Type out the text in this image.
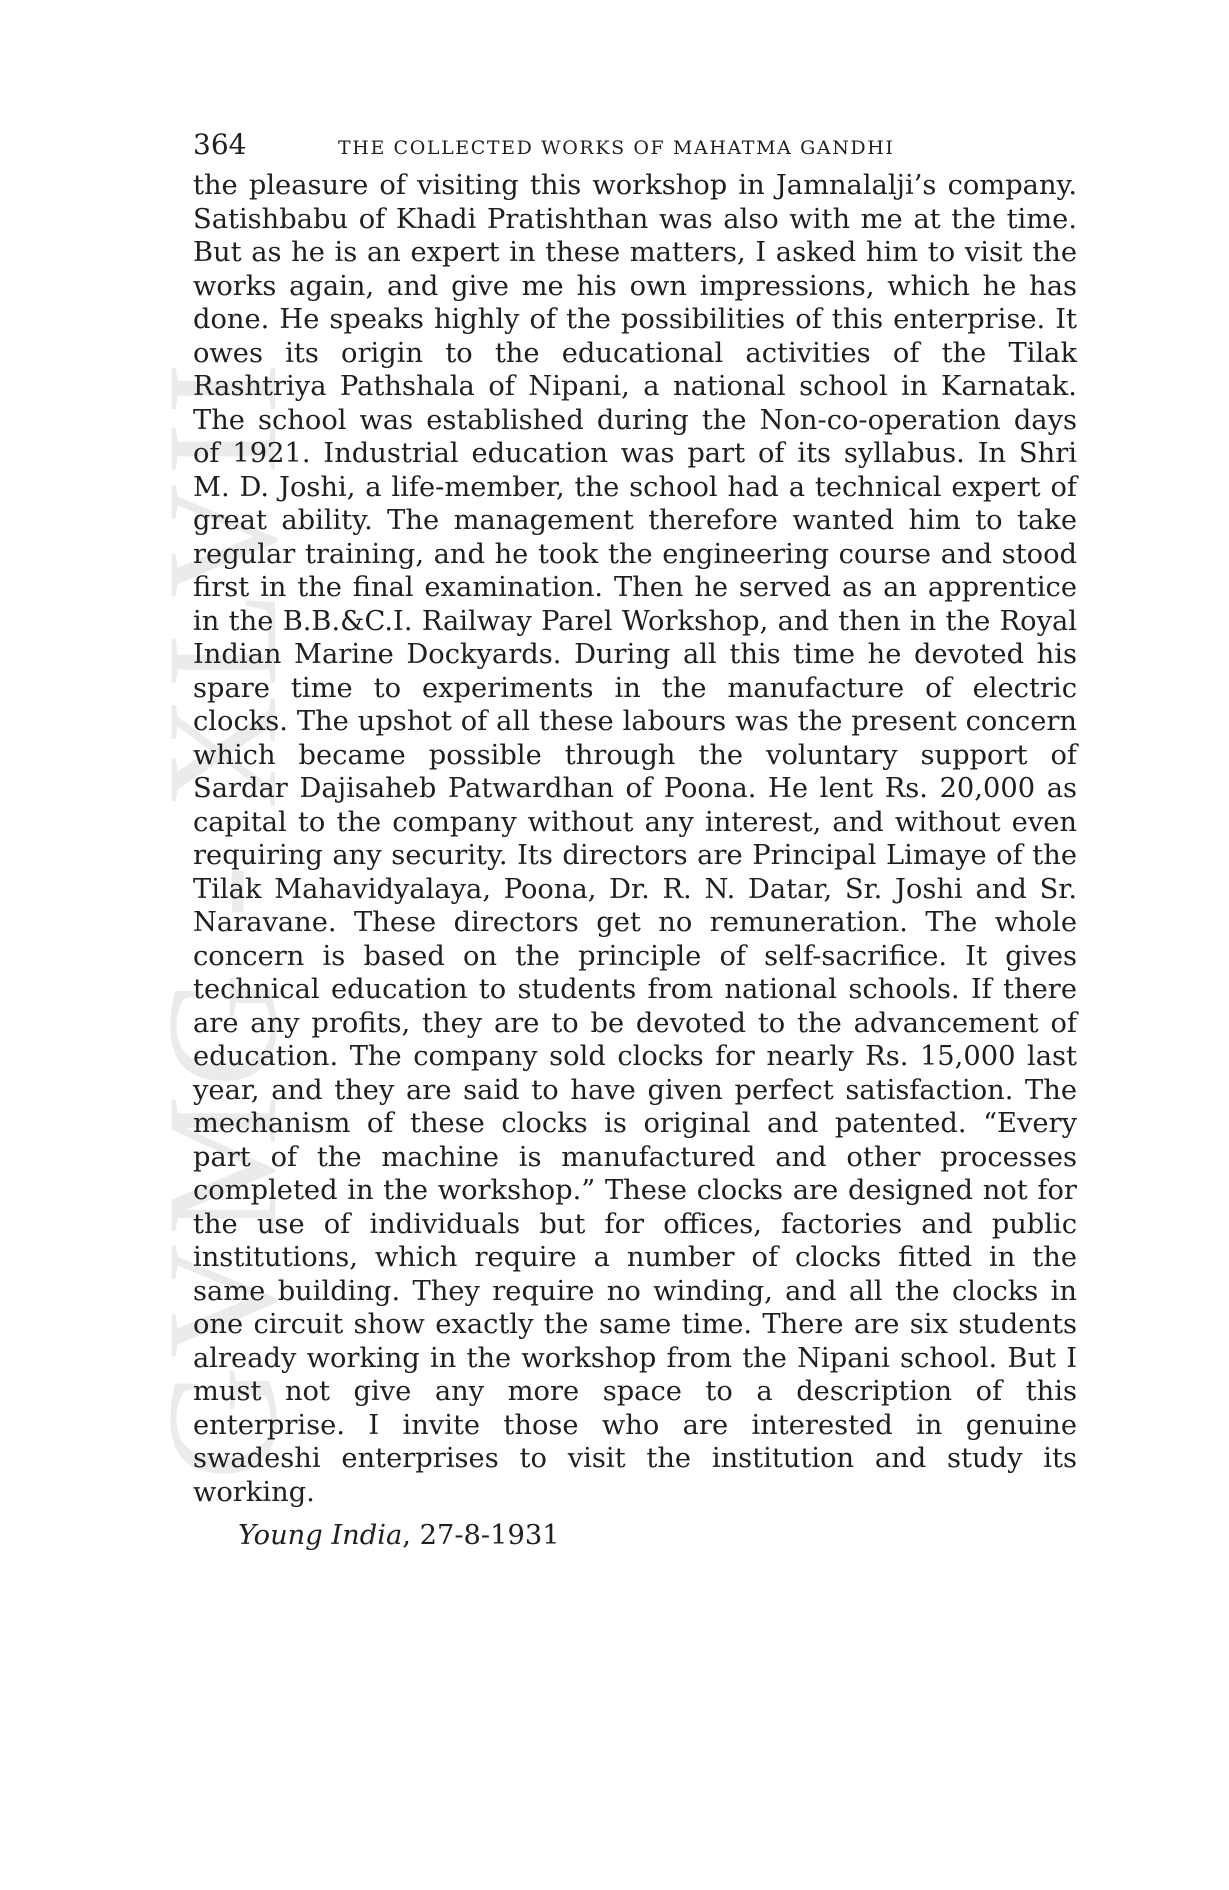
GVMG - XLVII
364	THE COLLECTED WORKS OF MAHATMA GANDHI

the pleasure of visiting this workshop in Jamnalalji’s company. Satishbabu of Khadi Pratishthan was also with me at the time. But as he is an expert in these matters, I asked him to visit the works again, and give me his own impressions, which he has done. He speaks highly of the possibilities of this enterprise. It owes its origin to the educational activities of the Tilak Rashtriya Pathshala of Nipani, a national school in Karnatak. The school was established during the Non-co-operation days of 1921. Industrial education was part of its syllabus. In Shri M. D. Joshi, a life-member, the school had a technical expert of great ability. The management therefore wanted him to take regular training, and he took the engineering course and stood first in the final examination. Then he served as an apprentice in the B.B.&C.I. Railway Parel Workshop, and then in the Royal Indian Marine Dockyards. During all this time he devoted his spare time to experiments in the manufacture of electric clocks. The upshot of all these labours was the present concern which became possible through the voluntary support of Sardar Dajisaheb Patwardhan of Poona. He lent Rs. 20,000 as capital to the company without any interest, and without even requiring any security. Its directors are Principal Limaye of the Tilak Mahavidyalaya, Poona, Dr. R. N. Datar, Sr. Joshi and Sr. Naravane. These directors get no remuneration. The whole concern is based on the principle of self-sacrifice. It gives technical education to students from national schools. If there are any profits, they are to be devoted to the advancement of education. The company sold clocks for nearly Rs. 15,000 last year, and they are said to have given perfect satisfaction. The mechanism of these clocks is original and patented. “Every part of the machine is manufactured and other processes completed in the workshop.” These clocks are designed not for the use of individuals but for offices, factories and public institutions, which require a number of clocks fitted in the same building. They require no winding, and all the clocks in one circuit show exactly the same time. There are six students already working in the workshop from the Nipani school. But I must not give any more space to a description of this enterprise. I invite those who are interested in genuine swadeshi enterprises to visit the institution and study its working.

Young India, 27-8-1931
